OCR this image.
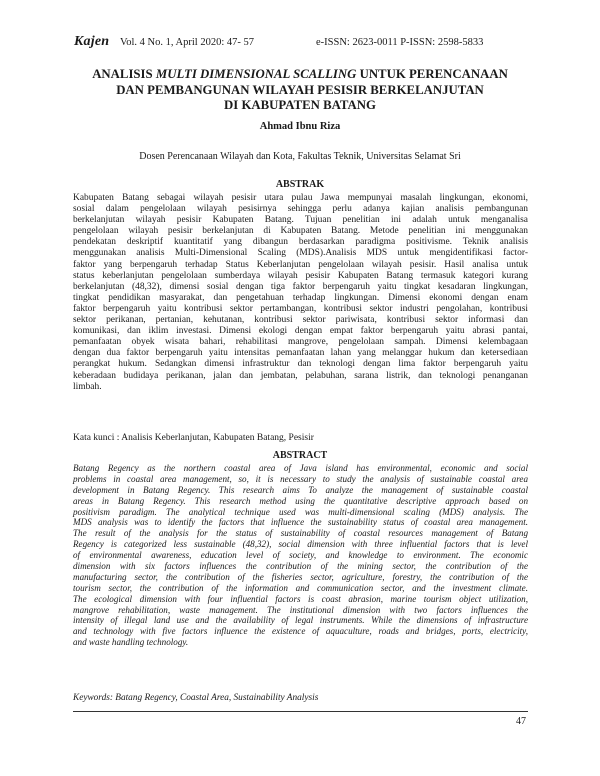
Kajen Vol. 4 No. 1, April 2020: 47- 57	e-ISSN: 2623-0011 P-ISSN: 2598-5833
ANALISIS MULTI DIMENSIONAL SCALLING UNTUK PERENCANAAN
DAN PEMBANGUNAN WILAYAH PESISIR BERKELANJUTAN
DI KABUPATEN BATANG
Ahmad Ibnu Riza
Dosen Perencanaan Wilayah dan Kota, Fakultas Teknik, Universitas Selamat Sri
ABSTRAK
Kabupaten Batang sebagai wilayah pesisir utara pulau Jawa mempunyai masalah lingkungan, ekonomi,
sosial dalam pengelolaan wilayah pesisirnya sehingga perlu adanya kajian analisis pembangunan
berkelanjutan wilayah pesisir Kabupaten Batang. Tujuan penelitian ini adalah untuk menganalisa
pengelolaan wilayah pesisir berkelanjutan di Kabupaten Batang. Metode penelitian ini menggunakan
pendekatan deskriptif kuantitatif yang dibangun berdasarkan paradigma positivisme. Teknik analisis
menggunakan analisis Multi-Dimensional Scaling (MDS).Analisis MDS untuk mengidentifikasi factor-
faktor yang berpengaruh terhadap Status Keberlanjutan pengelolaan wilayah pesisir. Hasil analisa untuk
status keberlanjutan pengelolaan sumberdaya wilayah pesisir Kabupaten Batang termasuk kategori kurang
berkelanjutan (48,32), dimensi sosial dengan tiga faktor berpengaruh yaitu tingkat kesadaran lingkungan,
tingkat pendidikan masyarakat, dan pengetahuan terhadap lingkungan. Dimensi ekonomi dengan enam
faktor berpengaruh yaitu kontribusi sektor pertambangan, kontribusi sektor industri pengolahan, kontribusi
sektor perikanan, pertanian, kehutanan, kontribusi sektor pariwisata, kontribusi sektor informasi dan
komunikasi, dan iklim investasi. Dimensi ekologi dengan empat faktor berpengaruh yaitu abrasi pantai,
pemanfaatan obyek wisata bahari, rehabilitasi mangrove, pengelolaan sampah. Dimensi kelembagaan
dengan dua faktor berpengaruh yaitu intensitas pemanfaatan lahan yang melanggar hukum dan ketersediaan
perangkat hukum. Sedangkan dimensi infrastruktur dan teknologi dengan lima faktor berpengaruh yaitu
keberadaan budidaya perikanan, jalan dan jembatan, pelabuhan, sarana listrik, dan teknologi penanganan
limbah.
Kata kunci : Analisis Keberlanjutan, Kabupaten Batang, Pesisir
ABSTRACT
Batang Regency as the northern coastal area of Java island has environmental, economic and social
problems in coastal area management, so, it is necessary to study the analysis of sustainable coastal area
development in Batang Regency. This research aims To analyze the management of sustainable coastal
areas in Batang Regency. This research method using the quantitative descriptive approach based on
positivism paradigm. The analytical technique used was multi-dimensional scaling (MDS) analysis. The
MDS analysis was to identify the factors that influence the sustainability status of coastal area management.
The result of the analysis for the status of sustainability of coastal resources management of Batang
Regency is categorized less sustainable (48,32), social dimension with three influential factors that is level
of environmental awareness, education level of society, and knowledge to environment. The economic
dimension with six factors influences the contribution of the mining sector, the contribution of the
manufacturing sector, the contribution of the fisheries sector, agriculture, forestry, the contribution of the
tourism sector, the contribution of the information and communication sector, and the investment climate.
The ecological dimension with four influential factors is coast abrasion, marine tourism object utilization,
mangrove rehabilitation, waste management. The institutional dimension with two factors influences the
intensity of illegal land use and the availability of legal instruments. While the dimensions of infrastructure
and technology with five factors influence the existence of aquaculture, roads and bridges, ports, electricity,
and waste handling technology.
Keywords: Batang Regency, Coastal Area, Sustainability Analysis
47
